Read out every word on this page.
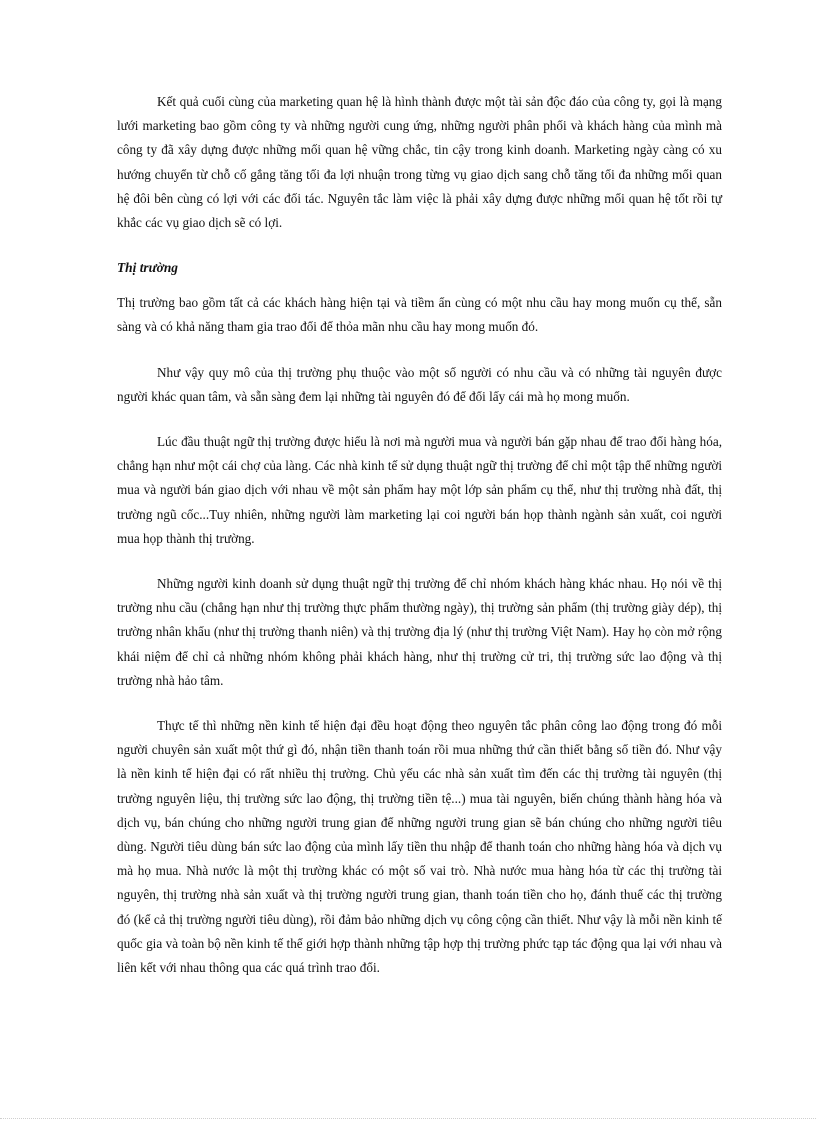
Kết quả cuối cùng của marketing quan hệ là hình thành được một tài sản độc đáo của công ty, gọi là mạng lưới marketing bao gồm công ty và những người cung ứng, những người phân phối và khách hàng của mình mà công ty đã xây dựng được những mối quan hệ vững chắc, tin cậy trong kinh doanh. Marketing ngày càng có xu hướng chuyển từ chỗ cố gắng tăng tối đa lợi nhuận trong từng vụ giao dịch sang chỗ tăng tối đa những mối quan hệ đôi bên cùng có lợi với các đối tác. Nguyên tắc làm việc là phải xây dựng được những mối quan hệ tốt rồi tự khắc các vụ giao dịch sẽ có lợi.

Thị trường

Thị trường bao gồm tất cả các khách hàng hiện tại và tiềm ẩn cùng có một nhu cầu hay mong muốn cụ thể, sẵn sàng và có khả năng tham gia trao đổi để thỏa mãn nhu cầu hay mong muốn đó.

Như vậy quy mô của thị trường phụ thuộc vào một số người có nhu cầu và có những tài nguyên được người khác quan tâm, và sẵn sàng đem lại những tài nguyên đó để đổi lấy cái mà họ mong muốn.

Lúc đầu thuật ngữ thị trường được hiểu là nơi mà người mua và người bán gặp nhau để trao đổi hàng hóa, chẳng hạn như một cái chợ của làng. Các nhà kinh tế sử dụng thuật ngữ thị trường để chỉ một tập thể những người mua và người bán giao dịch với nhau về một sản phẩm hay một lớp sản phẩm cụ thể, như thị trường nhà đất, thị trường ngũ cốc...Tuy nhiên, những người làm marketing lại coi người bán họp thành ngành sản xuất, coi người mua họp thành thị trường.

Những người kinh doanh sử dụng thuật ngữ thị trường để chỉ nhóm khách hàng khác nhau. Họ nói về thị trường nhu cầu (chẳng hạn như thị trường thực phẩm thường ngày), thị trường sản phẩm (thị trường giày dép), thị trường nhân khẩu (như thị trường thanh niên) và thị trường địa lý (như thị trường Việt Nam). Hay họ còn mở rộng khái niệm để chỉ cả những nhóm không phải khách hàng, như thị trường cử tri, thị trường sức lao động và thị trường nhà hảo tâm.

Thực tế thì những nền kinh tế hiện đại đều hoạt động theo nguyên tắc phân công lao động trong đó mỗi người chuyên sản xuất một thứ gì đó, nhận tiền thanh toán rồi mua những thứ cần thiết bằng số tiền đó. Như vậy là nền kinh tế hiện đại có rất nhiều thị trường. Chủ yếu các nhà sản xuất tìm đến các thị trường tài nguyên (thị trường nguyên liệu, thị trường sức lao động, thị trường tiền tệ...) mua tài nguyên, biến chúng thành hàng hóa và dịch vụ, bán chúng cho những người trung gian để những người trung gian sẽ bán chúng cho những người tiêu dùng. Người tiêu dùng bán sức lao động của mình lấy tiền thu nhập để thanh toán cho những hàng hóa và dịch vụ mà họ mua. Nhà nước là một thị trường khác có một số vai trò. Nhà nước mua hàng hóa từ các thị trường tài nguyên, thị trường nhà sản xuất và thị trường người trung gian, thanh toán tiền cho họ, đánh thuế các thị trường đó (kể cả thị trường người tiêu dùng), rồi đảm bảo những dịch vụ công cộng cần thiết. Như vậy là mỗi nền kinh tế quốc gia và toàn bộ nền kinh tế thế giới hợp thành những tập hợp thị trường phức tạp tác động qua lại với nhau và liên kết với nhau thông qua các quá trình trao đổi.
